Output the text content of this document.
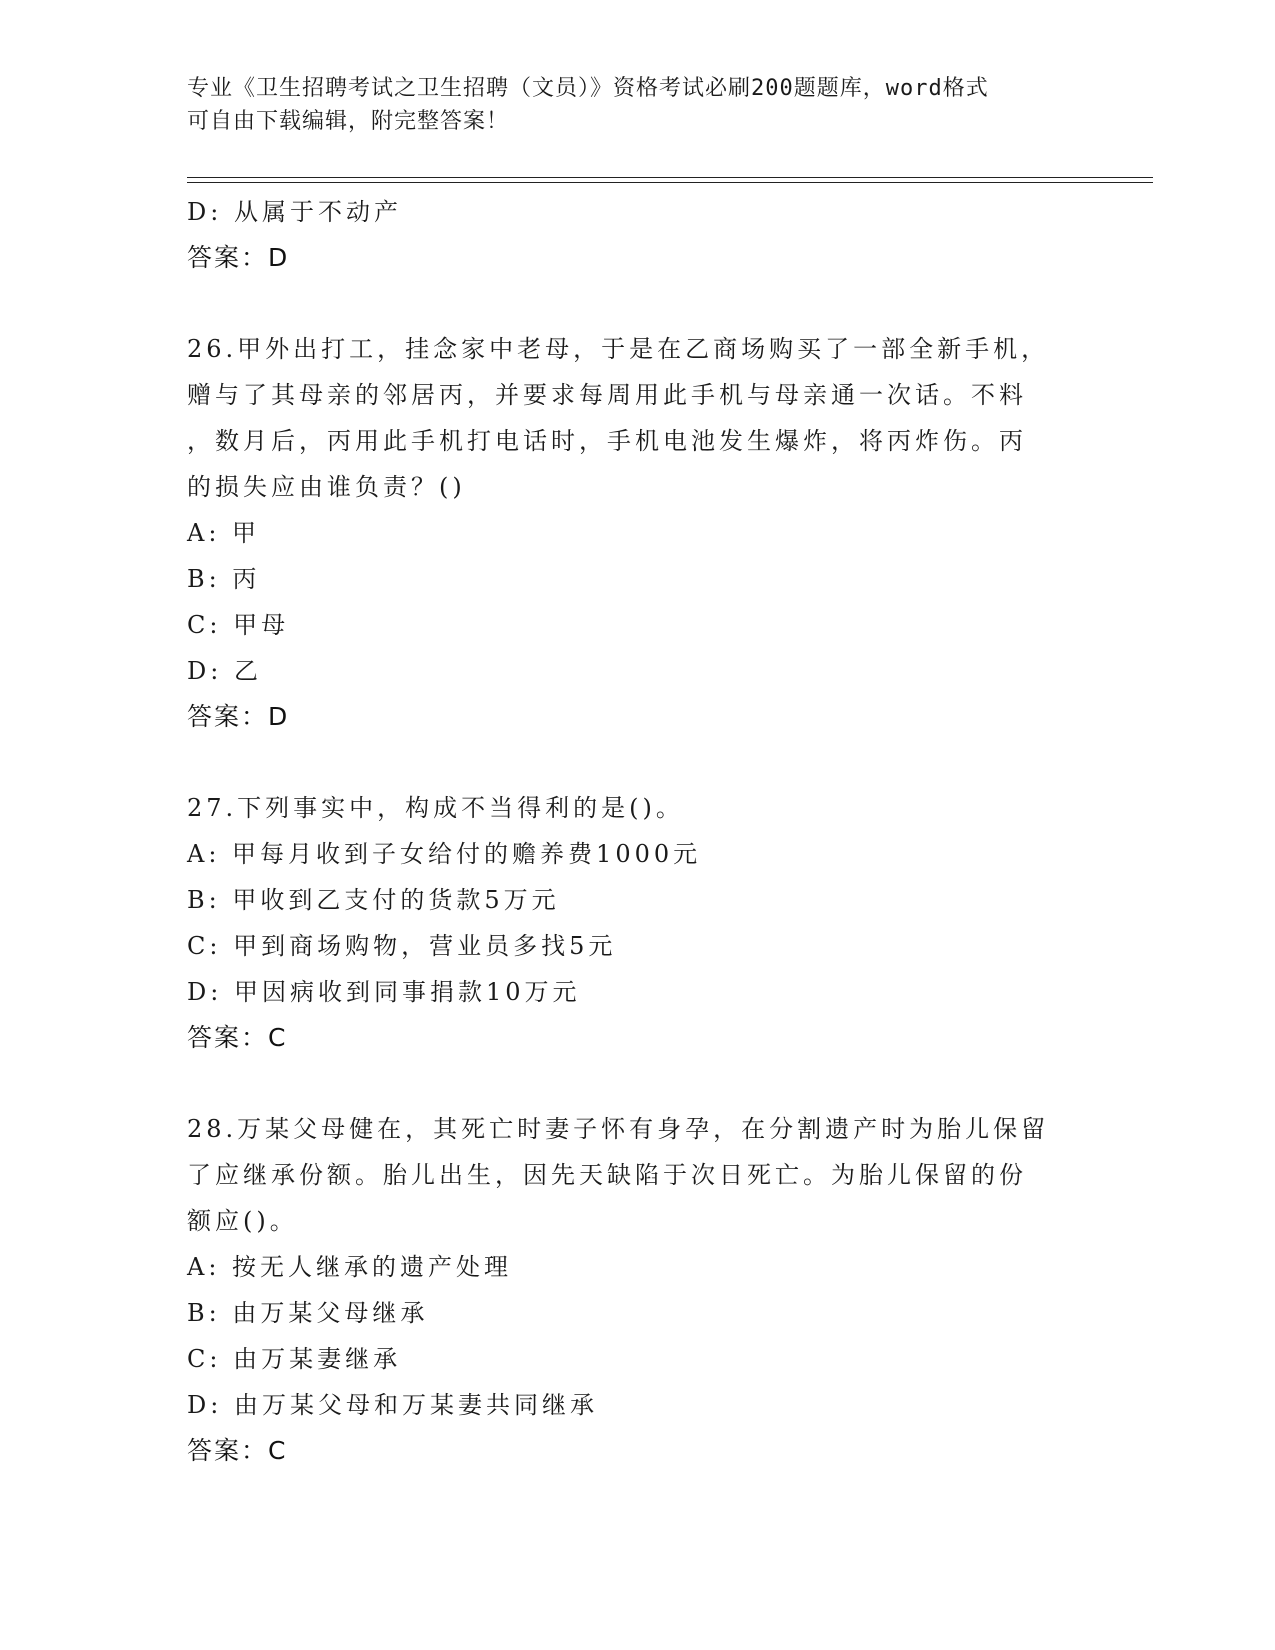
专业《卫生招聘考试之卫生招聘（文员）》资格考试必刷200题题库，word格式
可自由下载编辑，附完整答案！
D: 从属于不动产
答案：D
26.甲外出打工，挂念家中老母，于是在乙商场购买了一部全新手机，
赠与了其母亲的邻居丙，并要求每周用此手机与母亲通一次话。不料
，数月后，丙用此手机打电话时，手机电池发生爆炸，将丙炸伤。丙
的损失应由谁负责？()
A: 甲
B: 丙
C: 甲母
D: 乙
答案：D
27.下列事实中，构成不当得利的是()。
A: 甲每月收到子女给付的赡养费1000元
B: 甲收到乙支付的货款5万元
C: 甲到商场购物，营业员多找5元
D: 甲因病收到同事捐款10万元
答案：C
28.万某父母健在，其死亡时妻子怀有身孕，在分割遗产时为胎儿保留
了应继承份额。胎儿出生，因先天缺陷于次日死亡。为胎儿保留的份
额应()。
A: 按无人继承的遗产处理
B: 由万某父母继承
C: 由万某妻继承
D: 由万某父母和万某妻共同继承
答案：C
